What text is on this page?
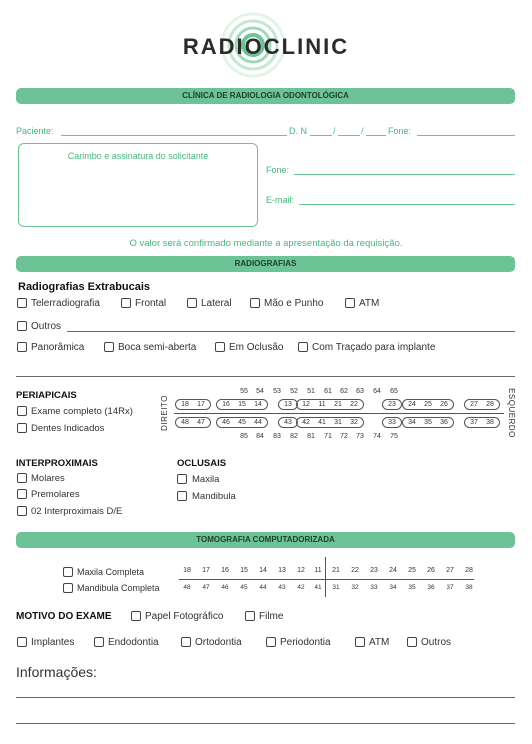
RADIOCLINIC
CLÍNICA DE RADIOLOGIA ODONTOLÓGICA
Paciente:	D. N	/	/	Fone:
Carimbo e assinatura do solicitante
Fone:
E-mail:
O valor será confirmado mediante a apresentação da requisição.
RADIOGRAFIAS
Radiografias Extrabucais
Telerradiografia	Frontal	Lateral	Mão e Punho	ATM
Outros
Panorâmica	Boca semi-aberta	Em Oclusão	Com Traçado para implante
PERIAPICAIS
Exame completo (14Rx)
Dentes Indicados	DIREITO	ESQUERDO
55	54	53	52	51	61	62	63	64	65
85	84	83	82	81	71	72	73	74	75
18 17	16 15 14	13	12 11 21 22	23	24 25 26	27 28
48 47	46 45 44	43	42 41 31 32	33	34 35 36	37 38
INTERPROXIMAIS
Molares
Premolares
02 Interproximais D/E
OCLUSAIS
Maxila
Mandibula
TOMOGRAFIA COMPUTADORIZADA
Maxila Completa
Mandibula Completa
18	17	16	15	14	13	12	11	21	22	23	24	25	26	27	28
48	47	46	45	44	43	42	41	31	32	33	34	35	36	37	38
MOTIVO DO EXAME	Papel Fotográfico	Filme
Implantes	Endodontia	Ortodontia	Periodontia	ATM	Outros
Informações:
